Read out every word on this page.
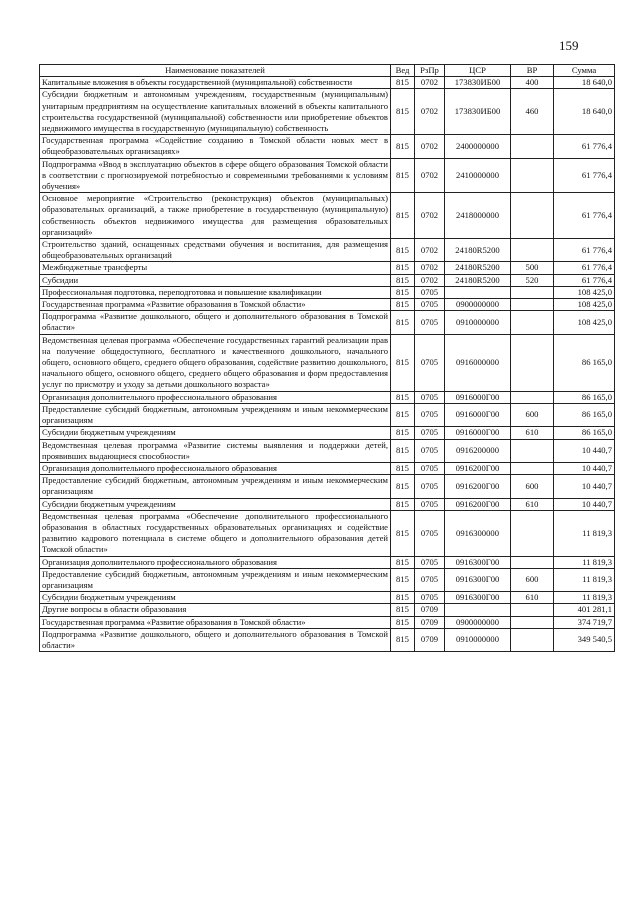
159
Наименование показателей	Вед	РзПр	ЦСР	ВР	Сумма
Капитальные вложения в объекты государственной (муниципальной) собственности	815	0702	173830ИБ00	400	18 640,0
Субсидии бюджетным и автономным учреждениям, государственным (муниципальным) унитарным предприятиям на осуществление капитальных вложений в объекты капитального строительства государственной (муниципальной) собственности или приобретение объектов недвижимого имущества в государственную (муниципальную) собственность	815	0702	173830ИБ00	460	18 640,0
Государственная программа «Содействие созданию в Томской области новых мест в общеобразовательных организациях»	815	0702	2400000000		61 776,4
Подпрограмма «Ввод в эксплуатацию объектов в сфере общего образования Томской области в соответствии с прогнозируемой потребностью и современными требованиями к условиям обучения»	815	0702	2410000000		61 776,4
Основное мероприятие «Строительство (реконструкция) объектов (муниципальных) образовательных организаций, а также приобретение в государственную (муниципальную) собственность объектов недвижимого имущества для размещения образовательных организаций»	815	0702	2418000000		61 776,4
Строительство зданий, оснащенных средствами обучения и воспитания, для размещения общеобразовательных организаций	815	0702	24180R5200		61 776,4
Межбюджетные трансферты	815	0702	24180R5200	500	61 776,4
Субсидии	815	0702	24180R5200	520	61 776,4
Профессиональная подготовка, переподготовка и повышение квалификации	815	0705			108 425,0
Государственная программа «Развитие образования в Томской области»	815	0705	0900000000		108 425,0
Подпрограмма «Развитие дошкольного, общего и дополнительного образования в Томской области»	815	0705	0910000000		108 425,0
Ведомственная целевая программа «Обеспечение государственных гарантий реализации прав на получение общедоступного, бесплатного и качественного дошкольного, начального общего, основного общего, среднего общего образования, содействие развитию дошкольного, начального общего, основного общего, среднего общего образования и форм предоставления услуг по присмотру и уходу за детьми дошкольного возраста»	815	0705	0916000000		86 165,0
Организация дополнительного профессионального образования	815	0705	0916000Г00		86 165,0
Предоставление субсидий бюджетным, автономным учреждениям и иным некоммерческим организациям	815	0705	0916000Г00	600	86 165,0
Субсидии бюджетным учреждениям	815	0705	0916000Г00	610	86 165,0
Ведомственная целевая программа «Развитие системы выявления и поддержки детей, проявивших выдающиеся способности»	815	0705	0916200000		10 440,7
Организация дополнительного профессионального образования	815	0705	0916200Г00		10 440,7
Предоставление субсидий бюджетным, автономным учреждениям и иным некоммерческим организациям	815	0705	0916200Г00	600	10 440,7
Субсидии бюджетным учреждениям	815	0705	0916200Г00	610	10 440,7
Ведомственная целевая программа «Обеспечение дополнительного профессионального образования в областных государственных образовательных организациях и содействие развитию кадрового потенциала в системе общего и дополнительного образования детей Томской области»	815	0705	0916300000		11 819,3
Организация дополнительного профессионального образования	815	0705	0916300Г00		11 819,3
Предоставление субсидий бюджетным, автономным учреждениям и иным некоммерческим организациям	815	0705	0916300Г00	600	11 819,3
Субсидии бюджетным учреждениям	815	0705	0916300Г00	610	11 819,3
Другие вопросы в области образования	815	0709			401 281,1
Государственная программа «Развитие образования в Томской области»	815	0709	0900000000		374 719,7
Подпрограмма «Развитие дошкольного, общего и дополнительного образования в Томской области»	815	0709	0910000000		349 540,5
